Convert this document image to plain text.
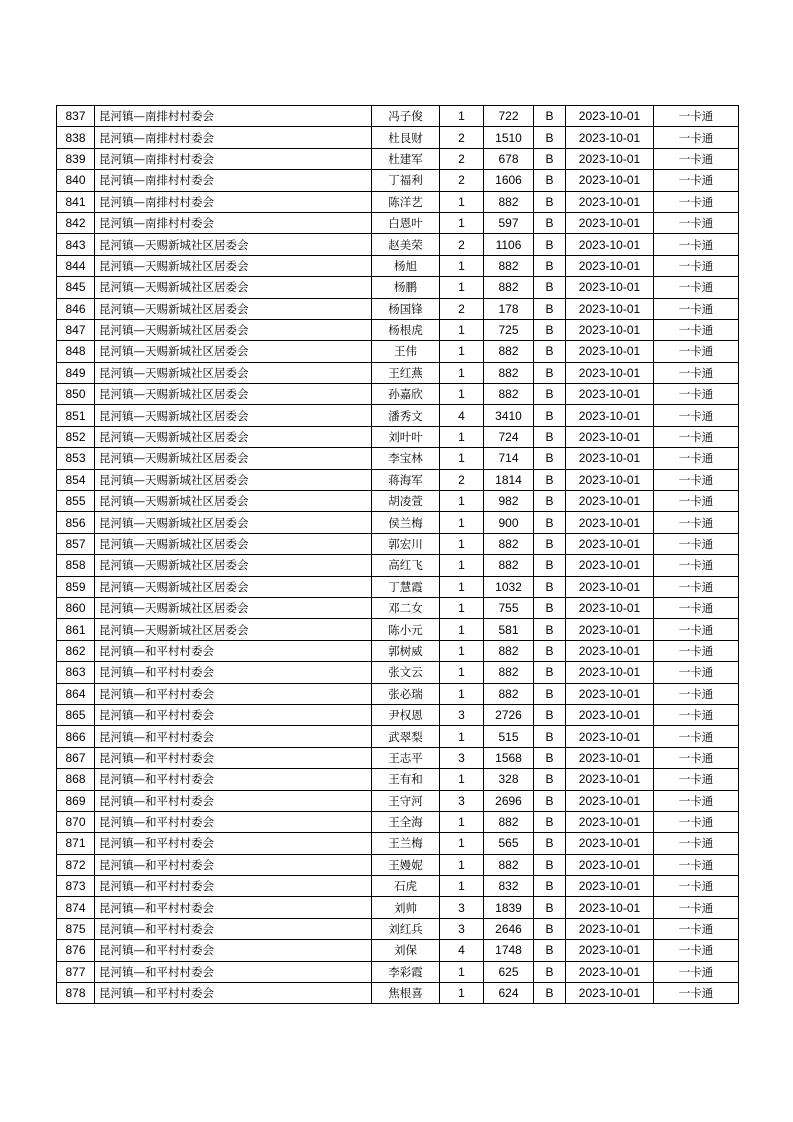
837	昆河镇—南排村村委会	冯子俊	1	722	B	2023-10-01	一卡通
838	昆河镇—南排村村委会	杜艮财	2	1510	B	2023-10-01	一卡通
839	昆河镇—南排村村委会	杜建军	2	678	B	2023-10-01	一卡通
840	昆河镇—南排村村委会	丁福利	2	1606	B	2023-10-01	一卡通
841	昆河镇—南排村村委会	陈洋艺	1	882	B	2023-10-01	一卡通
842	昆河镇—南排村村委会	白恩叶	1	597	B	2023-10-01	一卡通
843	昆河镇—天赐新城社区居委会	赵美荣	2	1106	B	2023-10-01	一卡通
844	昆河镇—天赐新城社区居委会	杨旭	1	882	B	2023-10-01	一卡通
845	昆河镇—天赐新城社区居委会	杨鹏	1	882	B	2023-10-01	一卡通
846	昆河镇—天赐新城社区居委会	杨国锋	2	178	B	2023-10-01	一卡通
847	昆河镇—天赐新城社区居委会	杨根虎	1	725	B	2023-10-01	一卡通
848	昆河镇—天赐新城社区居委会	王伟	1	882	B	2023-10-01	一卡通
849	昆河镇—天赐新城社区居委会	王红燕	1	882	B	2023-10-01	一卡通
850	昆河镇—天赐新城社区居委会	孙嘉欣	1	882	B	2023-10-01	一卡通
851	昆河镇—天赐新城社区居委会	潘秀文	4	3410	B	2023-10-01	一卡通
852	昆河镇—天赐新城社区居委会	刘叶叶	1	724	B	2023-10-01	一卡通
853	昆河镇—天赐新城社区居委会	李宝林	1	714	B	2023-10-01	一卡通
854	昆河镇—天赐新城社区居委会	蒋海军	2	1814	B	2023-10-01	一卡通
855	昆河镇—天赐新城社区居委会	胡凌萱	1	982	B	2023-10-01	一卡通
856	昆河镇—天赐新城社区居委会	侯兰梅	1	900	B	2023-10-01	一卡通
857	昆河镇—天赐新城社区居委会	郭宏川	1	882	B	2023-10-01	一卡通
858	昆河镇—天赐新城社区居委会	高红飞	1	882	B	2023-10-01	一卡通
859	昆河镇—天赐新城社区居委会	丁慧霞	1	1032	B	2023-10-01	一卡通
860	昆河镇—天赐新城社区居委会	邓二女	1	755	B	2023-10-01	一卡通
861	昆河镇—天赐新城社区居委会	陈小元	1	581	B	2023-10-01	一卡通
862	昆河镇—和平村村委会	郭树威	1	882	B	2023-10-01	一卡通
863	昆河镇—和平村村委会	张文云	1	882	B	2023-10-01	一卡通
864	昆河镇—和平村村委会	张必瑞	1	882	B	2023-10-01	一卡通
865	昆河镇—和平村村委会	尹权恩	3	2726	B	2023-10-01	一卡通
866	昆河镇—和平村村委会	武翠梨	1	515	B	2023-10-01	一卡通
867	昆河镇—和平村村委会	王志平	3	1568	B	2023-10-01	一卡通
868	昆河镇—和平村村委会	王有和	1	328	B	2023-10-01	一卡通
869	昆河镇—和平村村委会	王守河	3	2696	B	2023-10-01	一卡通
870	昆河镇—和平村村委会	王全海	1	882	B	2023-10-01	一卡通
871	昆河镇—和平村村委会	王兰梅	1	565	B	2023-10-01	一卡通
872	昆河镇—和平村村委会	王嫚妮	1	882	B	2023-10-01	一卡通
873	昆河镇—和平村村委会	石虎	1	832	B	2023-10-01	一卡通
874	昆河镇—和平村村委会	刘帅	3	1839	B	2023-10-01	一卡通
875	昆河镇—和平村村委会	刘红兵	3	2646	B	2023-10-01	一卡通
876	昆河镇—和平村村委会	刘保	4	1748	B	2023-10-01	一卡通
877	昆河镇—和平村村委会	李彩霞	1	625	B	2023-10-01	一卡通
878	昆河镇—和平村村委会	焦根喜	1	624	B	2023-10-01	一卡通
